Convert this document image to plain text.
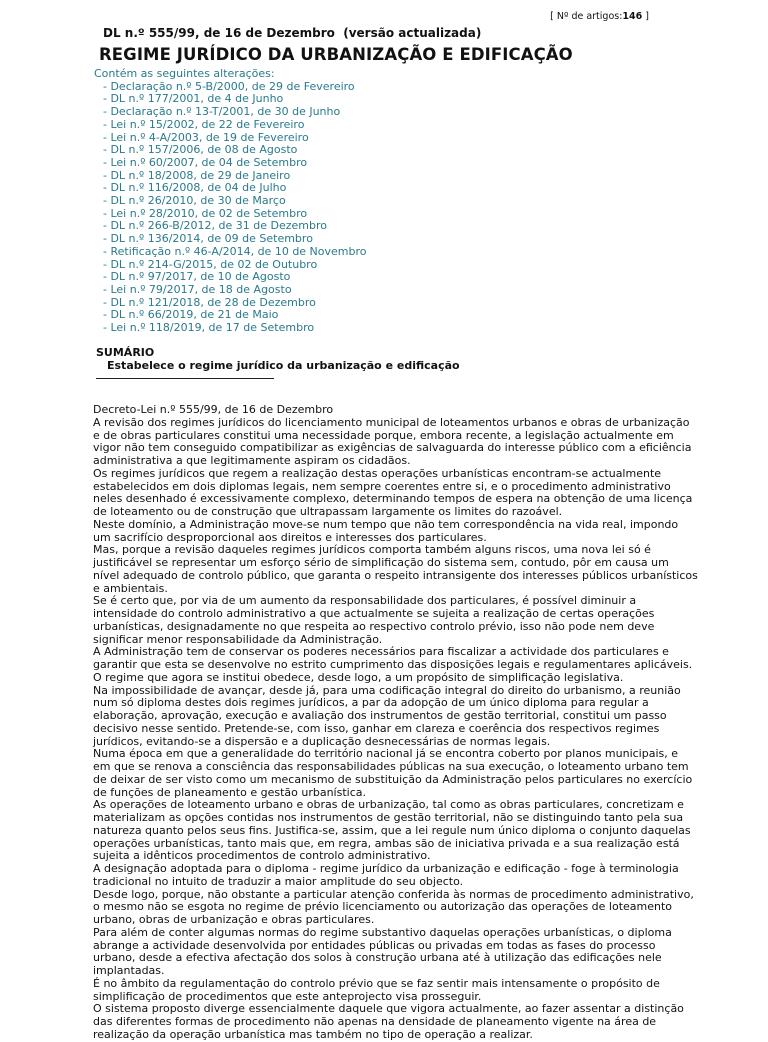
[ Nº de artigos:146 ]
DL n.º 555/99, de 16 de Dezembro  (versão actualizada)
REGIME JURÍDICO DA URBANIZAÇÃO E EDIFICAÇÃO
Contém as seguintes alterações:
- Declaração n.º 5-B/2000, de 29 de Fevereiro
- DL n.º 177/2001, de 4 de Junho
- Declaração n.º 13-T/2001, de 30 de Junho
- Lei n.º 15/2002, de 22 de Fevereiro
- Lei n.º 4-A/2003, de 19 de Fevereiro
- DL n.º 157/2006, de 08 de Agosto
- Lei n.º 60/2007, de 04 de Setembro
- DL n.º 18/2008, de 29 de Janeiro
- DL n.º 116/2008, de 04 de Julho
- DL n.º 26/2010, de 30 de Março
- Lei n.º 28/2010, de 02 de Setembro
- DL n.º 266-B/2012, de 31 de Dezembro
- DL n.º 136/2014, de 09 de Setembro
- Retificação n.º 46-A/2014, de 10 de Novembro
- DL n.º 214-G/2015, de 02 de Outubro
- DL n.º 97/2017, de 10 de Agosto
- Lei n.º 79/2017, de 18 de Agosto
- DL n.º 121/2018, de 28 de Dezembro
- DL n.º 66/2019, de 21 de Maio
- Lei n.º 118/2019, de 17 de Setembro
SUMÁRIO
Estabelece o regime jurídico da urbanização e edificação

Decreto-Lei n.º 555/99, de 16 de Dezembro

A revisão dos regimes jurídicos do licenciamento municipal de loteamentos urbanos e obras de urbanização e de obras particulares constitui uma necessidade porque, embora recente, a legislação actualmente em vigor não tem conseguido compatibilizar as exigências de salvaguarda do interesse público com a eficiência administrativa a que legitimamente aspiram os cidadãos.

Os regimes jurídicos que regem a realização destas operações urbanísticas encontram-se actualmente estabelecidos em dois diplomas legais, nem sempre coerentes entre si, e o procedimento administrativo neles desenhado é excessivamente complexo, determinando tempos de espera na obtenção de uma licença de loteamento ou de construção que ultrapassam largamente os limites do razoável.

Neste domínio, a Administração move-se num tempo que não tem correspondência na vida real, impondo um sacrifício desproporcional aos direitos e interesses dos particulares.

Mas, porque a revisão daqueles regimes jurídicos comporta também alguns riscos, uma nova lei só é justificável se representar um esforço sério de simplificação do sistema sem, contudo, pôr em causa um nível adequado de controlo público, que garanta o respeito intransigente dos interesses públicos urbanísticos e ambientais.

Se é certo que, por via de um aumento da responsabilidade dos particulares, é possível diminuir a intensidade do controlo administrativo a que actualmente se sujeita a realização de certas operações urbanísticas, designadamente no que respeita ao respectivo controlo prévio, isso não pode nem deve significar menor responsabilidade da Administração.

A Administração tem de conservar os poderes necessários para fiscalizar a actividade dos particulares e garantir que esta se desenvolve no estrito cumprimento das disposições legais e regulamentares aplicáveis.

O regime que agora se institui obedece, desde logo, a um propósito de simplificação legislativa.

Na impossibilidade de avançar, desde já, para uma codificação integral do direito do urbanismo, a reunião num só diploma destes dois regimes jurídicos, a par da adopção de um único diploma para regular a elaboração, aprovação, execução e avaliação dos instrumentos de gestão territorial, constitui um passo decisivo nesse sentido. Pretende-se, com isso, ganhar em clareza e coerência dos respectivos regimes jurídicos, evitando-se a dispersão e a duplicação desnecessárias de normas legais.

Numa época em que a generalidade do território nacional já se encontra coberto por planos municipais, e em que se renova a consciência das responsabilidades públicas na sua execução, o loteamento urbano tem de deixar de ser visto como um mecanismo de substituição da Administração pelos particulares no exercício de funções de planeamento e gestão urbanística.

As operações de loteamento urbano e obras de urbanização, tal como as obras particulares, concretizam e materializam as opções contidas nos instrumentos de gestão territorial, não se distinguindo tanto pela sua natureza quanto pelos seus fins. Justifica-se, assim, que a lei regule num único diploma o conjunto daquelas operações urbanísticas, tanto mais que, em regra, ambas são de iniciativa privada e a sua realização está sujeita a idênticos procedimentos de controlo administrativo.

A designação adoptada para o diploma - regime jurídico da urbanização e edificação - foge à terminologia tradicional no intuito de traduzir a maior amplitude do seu objecto.

Desde logo, porque, não obstante a particular atenção conferida às normas de procedimento administrativo, o mesmo não se esgota no regime de prévio licenciamento ou autorização das operações de loteamento urbano, obras de urbanização e obras particulares.

Para além de conter algumas normas do regime substantivo daquelas operações urbanísticas, o diploma abrange a actividade desenvolvida por entidades públicas ou privadas em todas as fases do processo urbano, desde a efectiva afectação dos solos à construção urbana até à utilização das edificações nele implantadas.

É no âmbito da regulamentação do controlo prévio que se faz sentir mais intensamente o propósito de simplificação de procedimentos que este anteprojecto visa prosseguir.

O sistema proposto diverge essencialmente daquele que vigora actualmente, ao fazer assentar a distinção das diferentes formas de procedimento não apenas na densidade de planeamento vigente na área de realização da operação urbanística mas também no tipo de operação a realizar.
